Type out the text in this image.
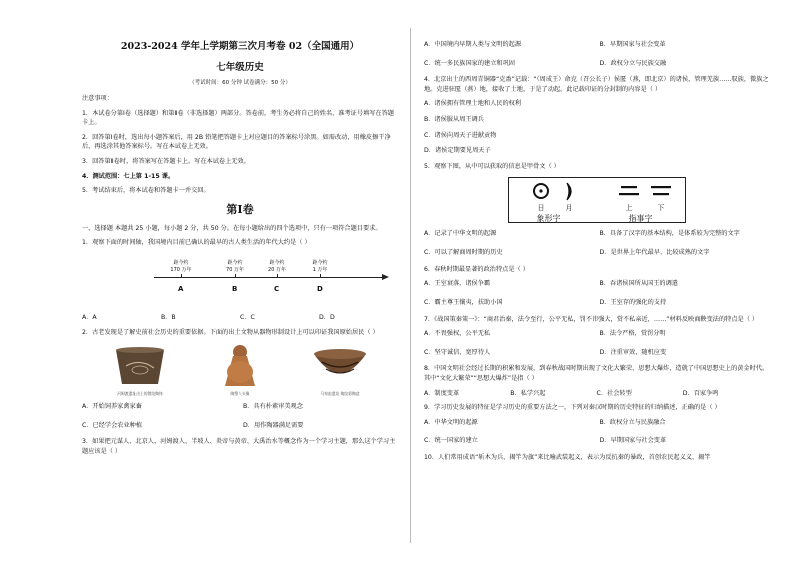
2023-2024 学年上学期第三次月考卷 02（全国通用）
七年级历史
（考试时间：60 分钟 试卷满分：50 分）
注意事项：
1．本试卷分第Ⅰ卷（选择题）和第Ⅱ卷（非选择题）两部分。答卷前，考生务必将自己的姓名、准考证号填写在答题卡上。
2．回答第Ⅰ卷时，选出每小题答案后，用 2B 铅笔把答题卡上对应题目的答案标号涂黑。如需改动，用橡皮擦干净后，再选涂其他答案标号。写在本试卷上无效。
3．回答第Ⅱ卷时，将答案写在答题卡上。写在本试卷上无效。
4．测试范围：七上第 1-15 课。
5．考试结束后，将本试卷和答题卡一并交回。
第Ⅰ卷
一、选择题 本题共 25 小题，每小题 2 分，共 50 分。在每小题给出的四个选项中，只有一项符合题目要求。
1．观察下面的时间轴，我国境内目前已确认的最早的古人类生活的年代大约是（ ）
距今约
170 万年
距今约
70 万年
距今约
20 万年
距今约
1 万年
A	B	C	D
A．A	B．B	C．C	D．D
2．古老发现是了解史前社会历史的重要依据。下面的出土文物从器物形制设计上可以印证我国原始居民（ ）
河姆渡遗址出土的猪纹陶钵	陶塑人头像	马家窑遗址 陶纹彩陶盆
A．开始饲养家禽家畜	B．具有朴素审美观念
C．已经学会农业种植	D．用作陶器满足需要
3．如果把元谋人、北京人、河姆渡人、半坡人、炎帝与黄帝、大禹治水等概念作为一个学习主题，那么这个学习主题应该是（ ）
A．中国境内早期人类与文明的起源	B．早期国家与社会变革
C．统一多民族国家的建立和巩固	D．政权分立与民族交融
4．北京出土的西周青铜器“克盉”记载：“（周成王）命克（召公长子）侯匽（燕，即北京）的诸侯，管理羌族……驭族，微族之地。克进驻匽（燕）地，接收了土地，于是了动起。此记载印证的分封制的内容是（ ）
A．诸侯拥有管理土地和人民的权利
B．诸侯服从周王调兵
C．诸侯向周天子进献贡物
D．诸侯定期要见周天子
5．观察下图，从中可以获取的信息是甲骨文（ ）
日	月	上	下
象形字	指事字
A．记录了中华文明的起源	B．具备了汉字的基本结构，是体系较为完整的文字
C．可以了解商周时期的历史	D．是世界上年代最早、比较成熟的文字
6．春秋时期最显著的政治特点是（ ）
A．王室衰落，诸侯争霸	B．吞诸侯国所从国王的调遣
C．霸主尊王攘夷，扶助小国	D．王室存的强化的支持
7．《战国策秦策一》：“商君治秦，法令至行，公平无私，罚不讳强大，赏不私亲近，……”材料反映商鞅变法的特点是（ ）
A．不畏强权，公平无私	B．法令严格，赏罚分明
C．坚守诚信，宽厚待人	D．注重审效，随机应变
8．中国文明社会经过长期的积累和发展，到春秋战国时期出现了文化大繁荣、思想大爆炸，造就了中国思想史上的黄金时代。其中“文化大繁荣”“思想大爆炸”是指（ ）
A．制度变革	B．私学兴起	C．社会转型	D．百家争鸣
9．学习历史发展的特征是学习历史的重要方法之一，下列对秦汉时期的历史特征的归纳描述，正确的是（ ）
A．中华文明的起源	B．政权分立与民族融合
C．统一国家的建立	D．早期国家与社会变革
10．人们常用成语“斩木为兵，揭竿为旗”来比喻武装起义，表示为反抗秦的暴政，首创农民起义义，揭竿
